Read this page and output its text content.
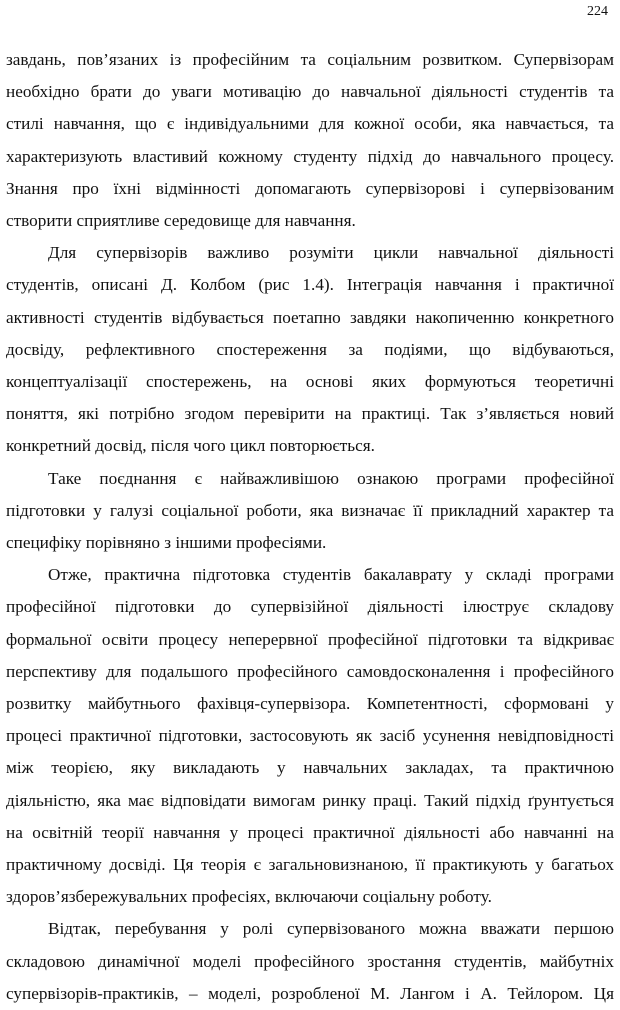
224

завдань, пов’язаних із професійним та соціальним розвитком. Супервізорам
необхідно брати до уваги мотивацію до навчальної діяльності студентів та
стилі навчання, що є індивідуальними для кожної особи, яка навчається, та
характеризують властивий кожному студенту підхід до навчального процесу.
Знання про їхні відмінності допомагають супервізорові і супервізованим
створити сприятливе середовище для навчання.

Для супервізорів важливо розуміти цикли навчальної діяльності
студентів, описані Д. Колбом (рис 1.4). Інтеграція навчання і практичної
активності студентів відбувається поетапно завдяки накопиченню конкретного
досвіду, рефлективного спостереження за подіями, що відбуваються,
концептуалізації спостережень, на основі яких формуються теоретичні
поняття, які потрібно згодом перевірити на практиці. Так з’являється новий
конкретний досвід, після чого цикл повторюється.

Таке поєднання є найважливішою ознакою програми професійної
підготовки у галузі соціальної роботи, яка визначає її прикладний характер та
специфіку порівняно з іншими професіями.

Отже, практична підготовка студентів бакалаврату у складі програми
професійної підготовки до супервізійної діяльності ілюструє складову
формальної освіти процесу неперервної професійної підготовки та відкриває
перспективу для подальшого професійного самовдосконалення і професійного
розвитку майбутнього фахівця-супервізора. Компетентності, сформовані у
процесі практичної підготовки, застосовують як засіб усунення невідповідності
між теорією, яку викладають у навчальних закладах, та практичною
діяльністю, яка має відповідати вимогам ринку праці. Такий підхід ґрунтується
на освітній теорії навчання у процесі практичної діяльності або навчанні на
практичному досвіді. Ця теорія є загальновизнаною, її практикують у багатьох
здоров’язбережувальних професіях, включаючи соціальну роботу.

Відтак, перебування у ролі супервізованого можна вважати першою
складовою динамічної моделі професійного зростання студентів, майбутніх
супервізорів-практиків, – моделі, розробленої М. Лангом і А. Тейлором. Ця
